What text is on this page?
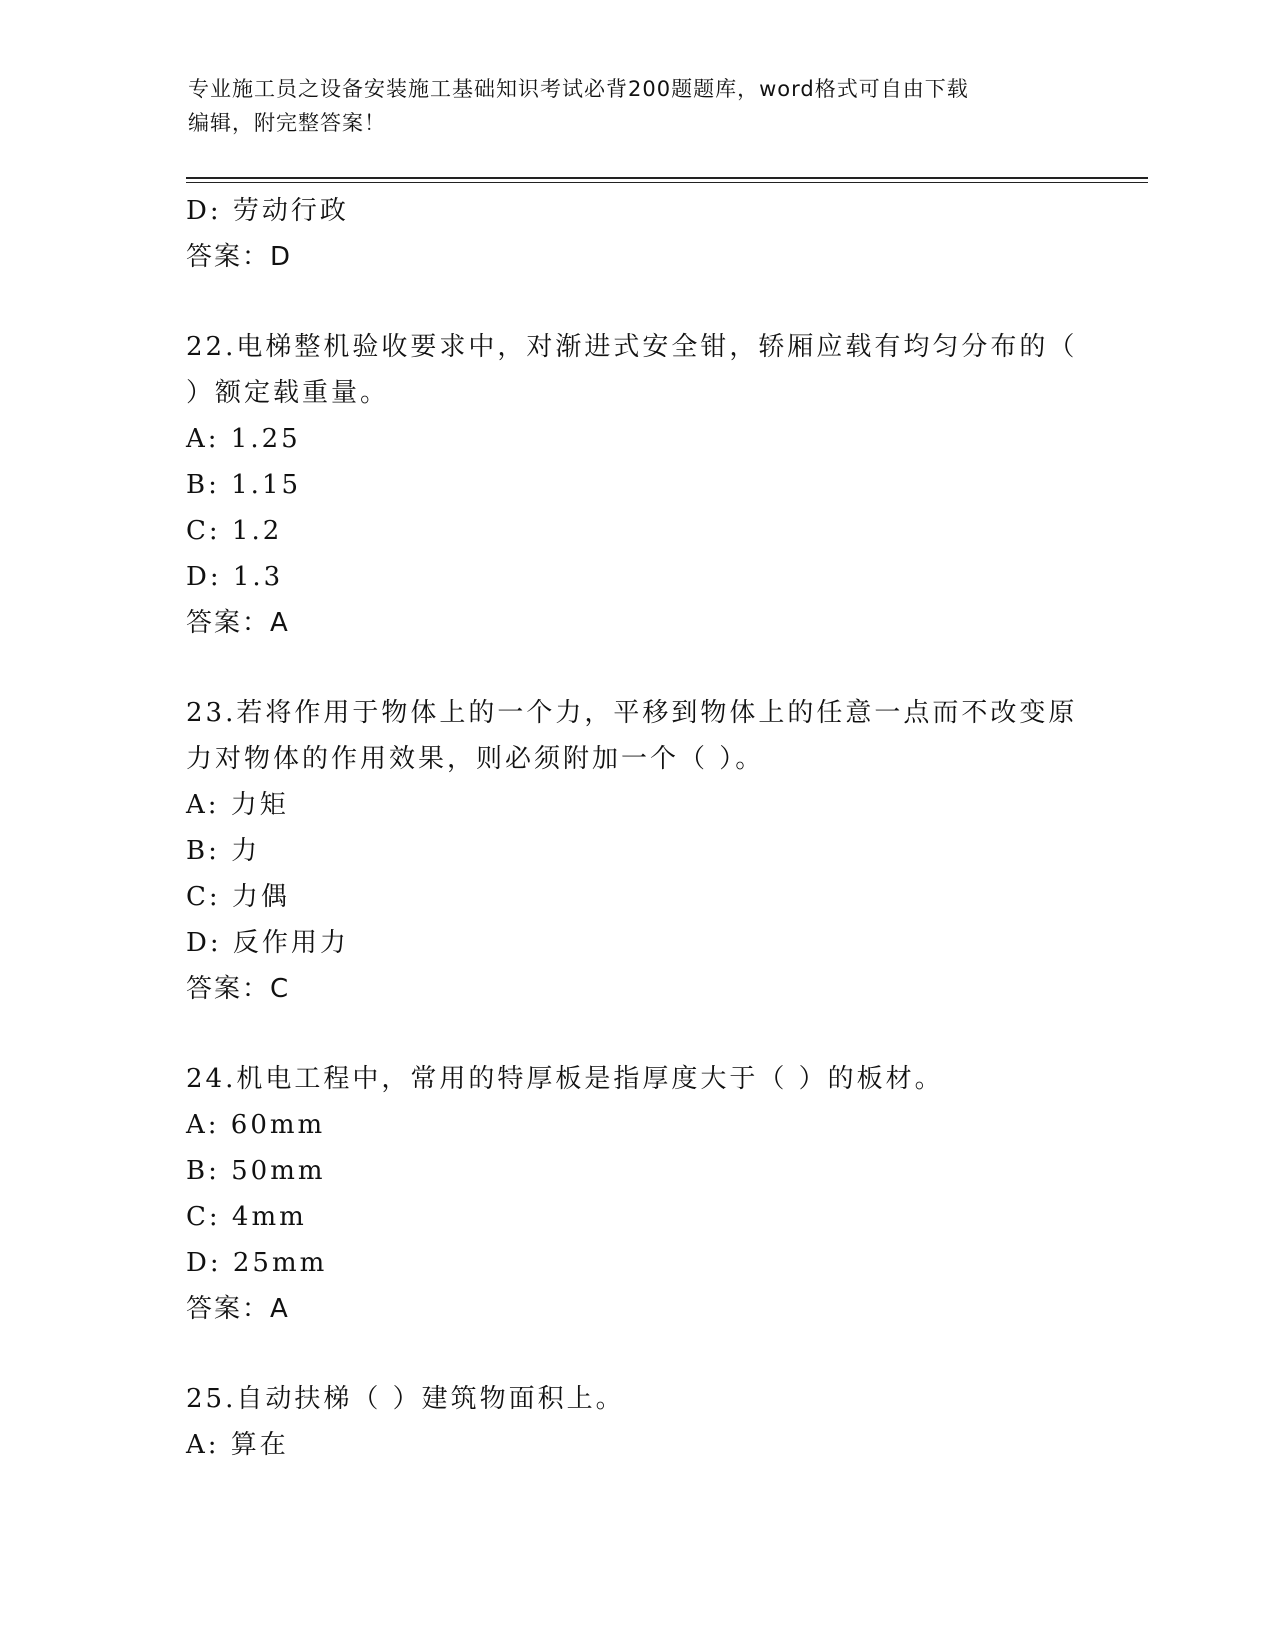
专业施工员之设备安装施工基础知识考试必背200题题库，word格式可自由下载
编辑，附完整答案！
D: 劳动行政
答案：D
22.电梯整机验收要求中，对渐进式安全钳，轿厢应载有均匀分布的（
）额定载重量。
A: 1.25
B: 1.15
C: 1.2
D: 1.3
答案：A
23.若将作用于物体上的一个力，平移到物体上的任意一点而不改变原
力对物体的作用效果，则必须附加一个（ ）。
A: 力矩
B: 力
C: 力偶
D: 反作用力
答案：C
24.机电工程中，常用的特厚板是指厚度大于（ ）的板材。
A: 60mm
B: 50mm
C: 4mm
D: 25mm
答案：A
25.自动扶梯（ ）建筑物面积上。
A: 算在
